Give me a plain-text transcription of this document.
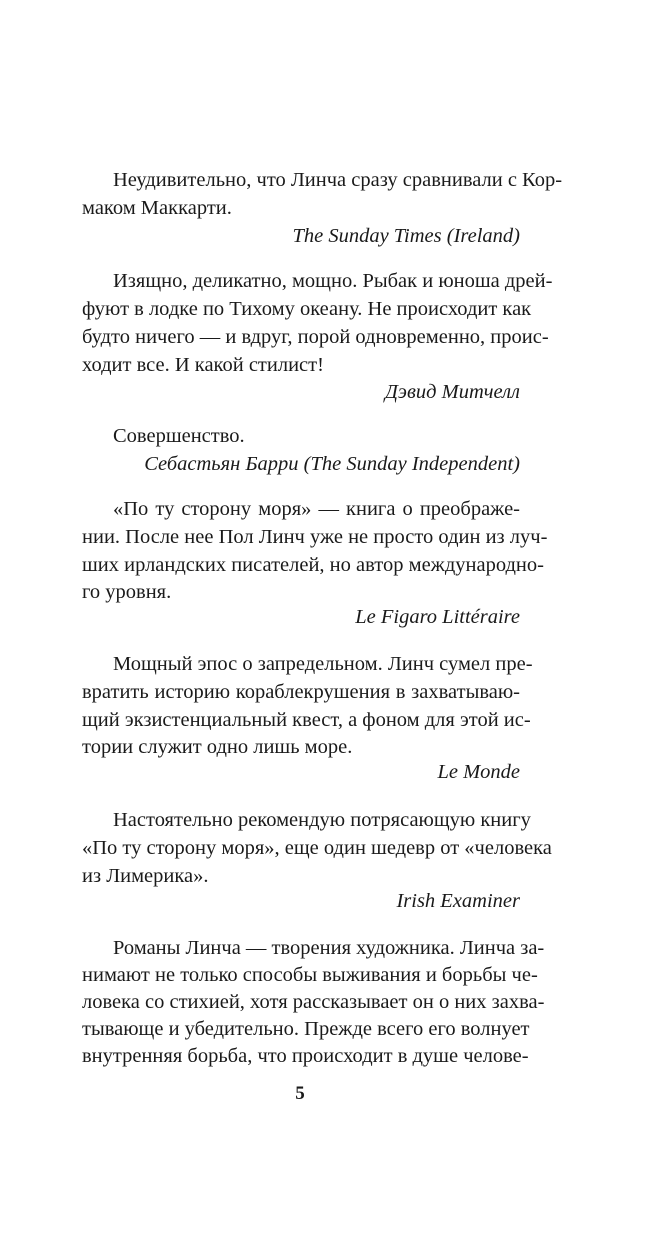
Неудивительно, что Линча сразу сравнивали с Кор-
маком Маккарти.
The Sunday Times (Ireland)
Изящно, деликатно, мощно. Рыбак и юноша дрей-
фуют в лодке по Тихому океану. Не происходит как
будто ничего — и вдруг, порой одновременно, проис-
ходит все. И какой стилист!
Дэвид Митчелл
Совершенство.
Себастьян Барри (The Sunday Independent)
«По ту сторону моря» — книга о преображе-
нии. После нее Пол Линч уже не просто один из луч-
ших ирландских писателей, но автор международно-
го уровня.
Le Figaro Littéraire
Мощный эпос о запредельном. Линч сумел пре-
вратить историю кораблекрушения в захватываю-
щий экзистенциальный квест, а фоном для этой ис-
тории служит одно лишь море.
Le Monde
Настоятельно рекомендую потрясающую книгу
«По ту сторону моря», еще один шедевр от «человека
из Лимерика».
Irish Examiner
Романы Линча — творения художника. Линча за-
нимают не только способы выживания и борьбы че-
ловека со стихией, хотя рассказывает он о них захва-
тывающе и убедительно. Прежде всего его волнует
внутренняя борьба, что происходит в душе челове-
5
